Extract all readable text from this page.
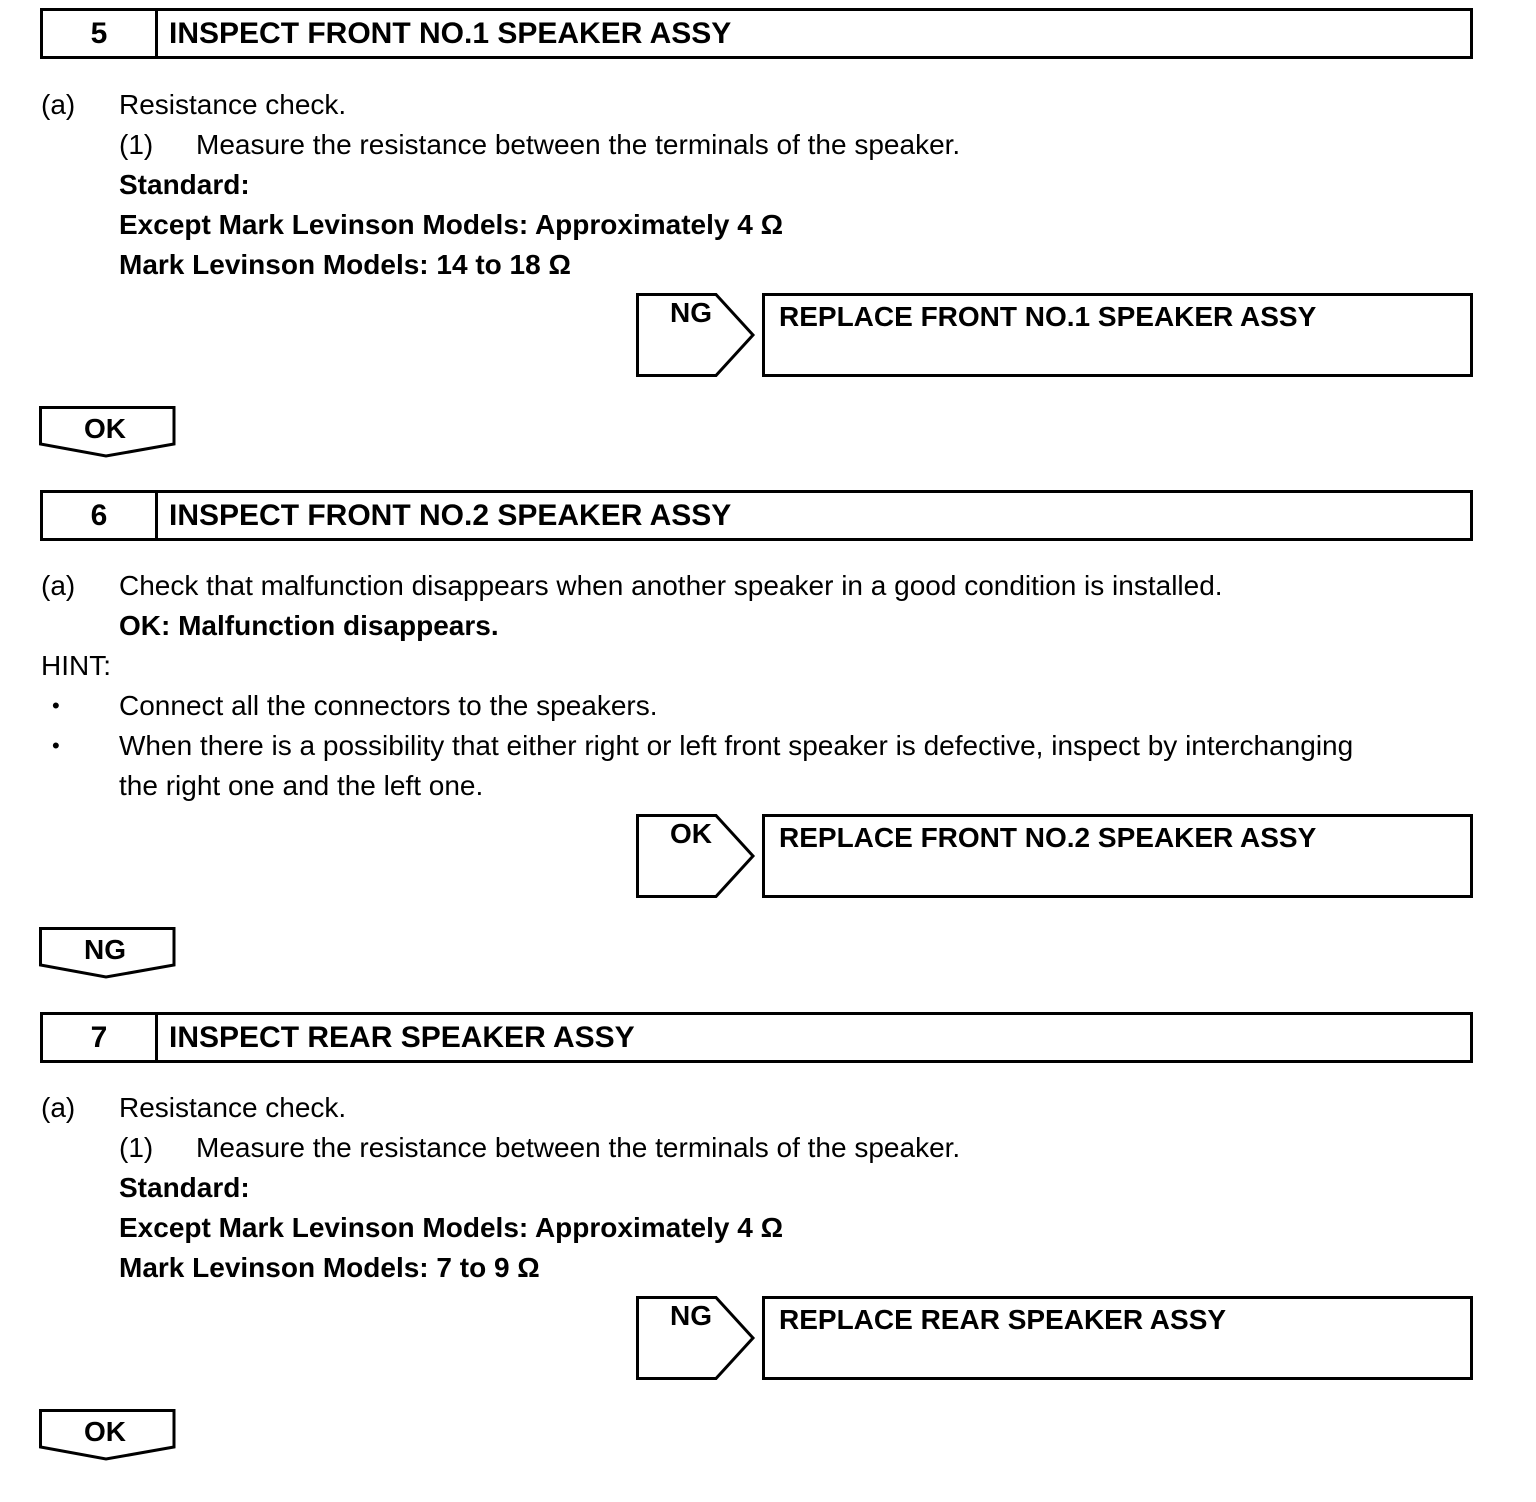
5	INSPECT FRONT NO.1 SPEAKER ASSY
(a) Resistance check.
(1) Measure the resistance between the terminals of the speaker.
Standard:
Except Mark Levinson Models: Approximately 4 Ω
Mark Levinson Models: 14 to 18 Ω
NG	REPLACE FRONT NO.1 SPEAKER ASSY
OK
6	INSPECT FRONT NO.2 SPEAKER ASSY
(a) Check that malfunction disappears when another speaker in a good condition is installed.
OK: Malfunction disappears.
HINT:
• Connect all the connectors to the speakers.
• When there is a possibility that either right or left front speaker is defective, inspect by interchanging
the right one and the left one.
OK	REPLACE FRONT NO.2 SPEAKER ASSY
NG
7	INSPECT REAR SPEAKER ASSY
(a) Resistance check.
(1) Measure the resistance between the terminals of the speaker.
Standard:
Except Mark Levinson Models: Approximately 4 Ω
Mark Levinson Models: 7 to 9 Ω
NG	REPLACE REAR SPEAKER ASSY
OK
